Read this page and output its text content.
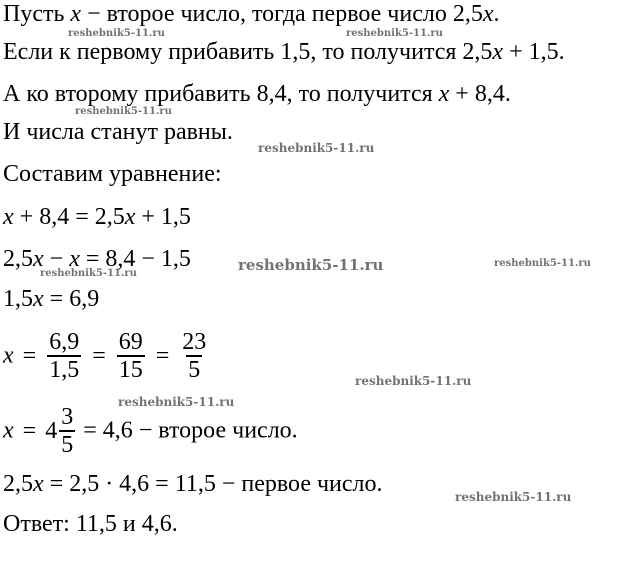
Пусть x − второе число, тогда первое число 2,5x.

Если к первому прибавить 1,5, то получится 2,5x + 1,5.

А ко второму прибавить 8,4, то получится x + 8,4.

И числа станут равны.

Составим уравнение:

x + 8,4 = 2,5x + 1,5

2,5x − x = 8,4 − 1,5

1,5x = 6,9

$x = \frac{6,9}{1,5} = \frac{69}{15} = \frac{23}{5}$
$x = 4 \frac{3}{5} = 4,6$ − второе число.

2,5x = 2,5 · 4,6 = 11,5 − первое число.

Ответ: 11,5 и 4,6.

reshebnik5-11.ru	reshebnik5-11.ru
reshebnik5-11.ru
reshebnik5-11.ru
reshebnik5-11.ru	reshebnik5-11.ru
reshebnik5-11.ru
reshebnik5-11.ru
reshebnik5-11.ru
reshebnik5-11.ru
